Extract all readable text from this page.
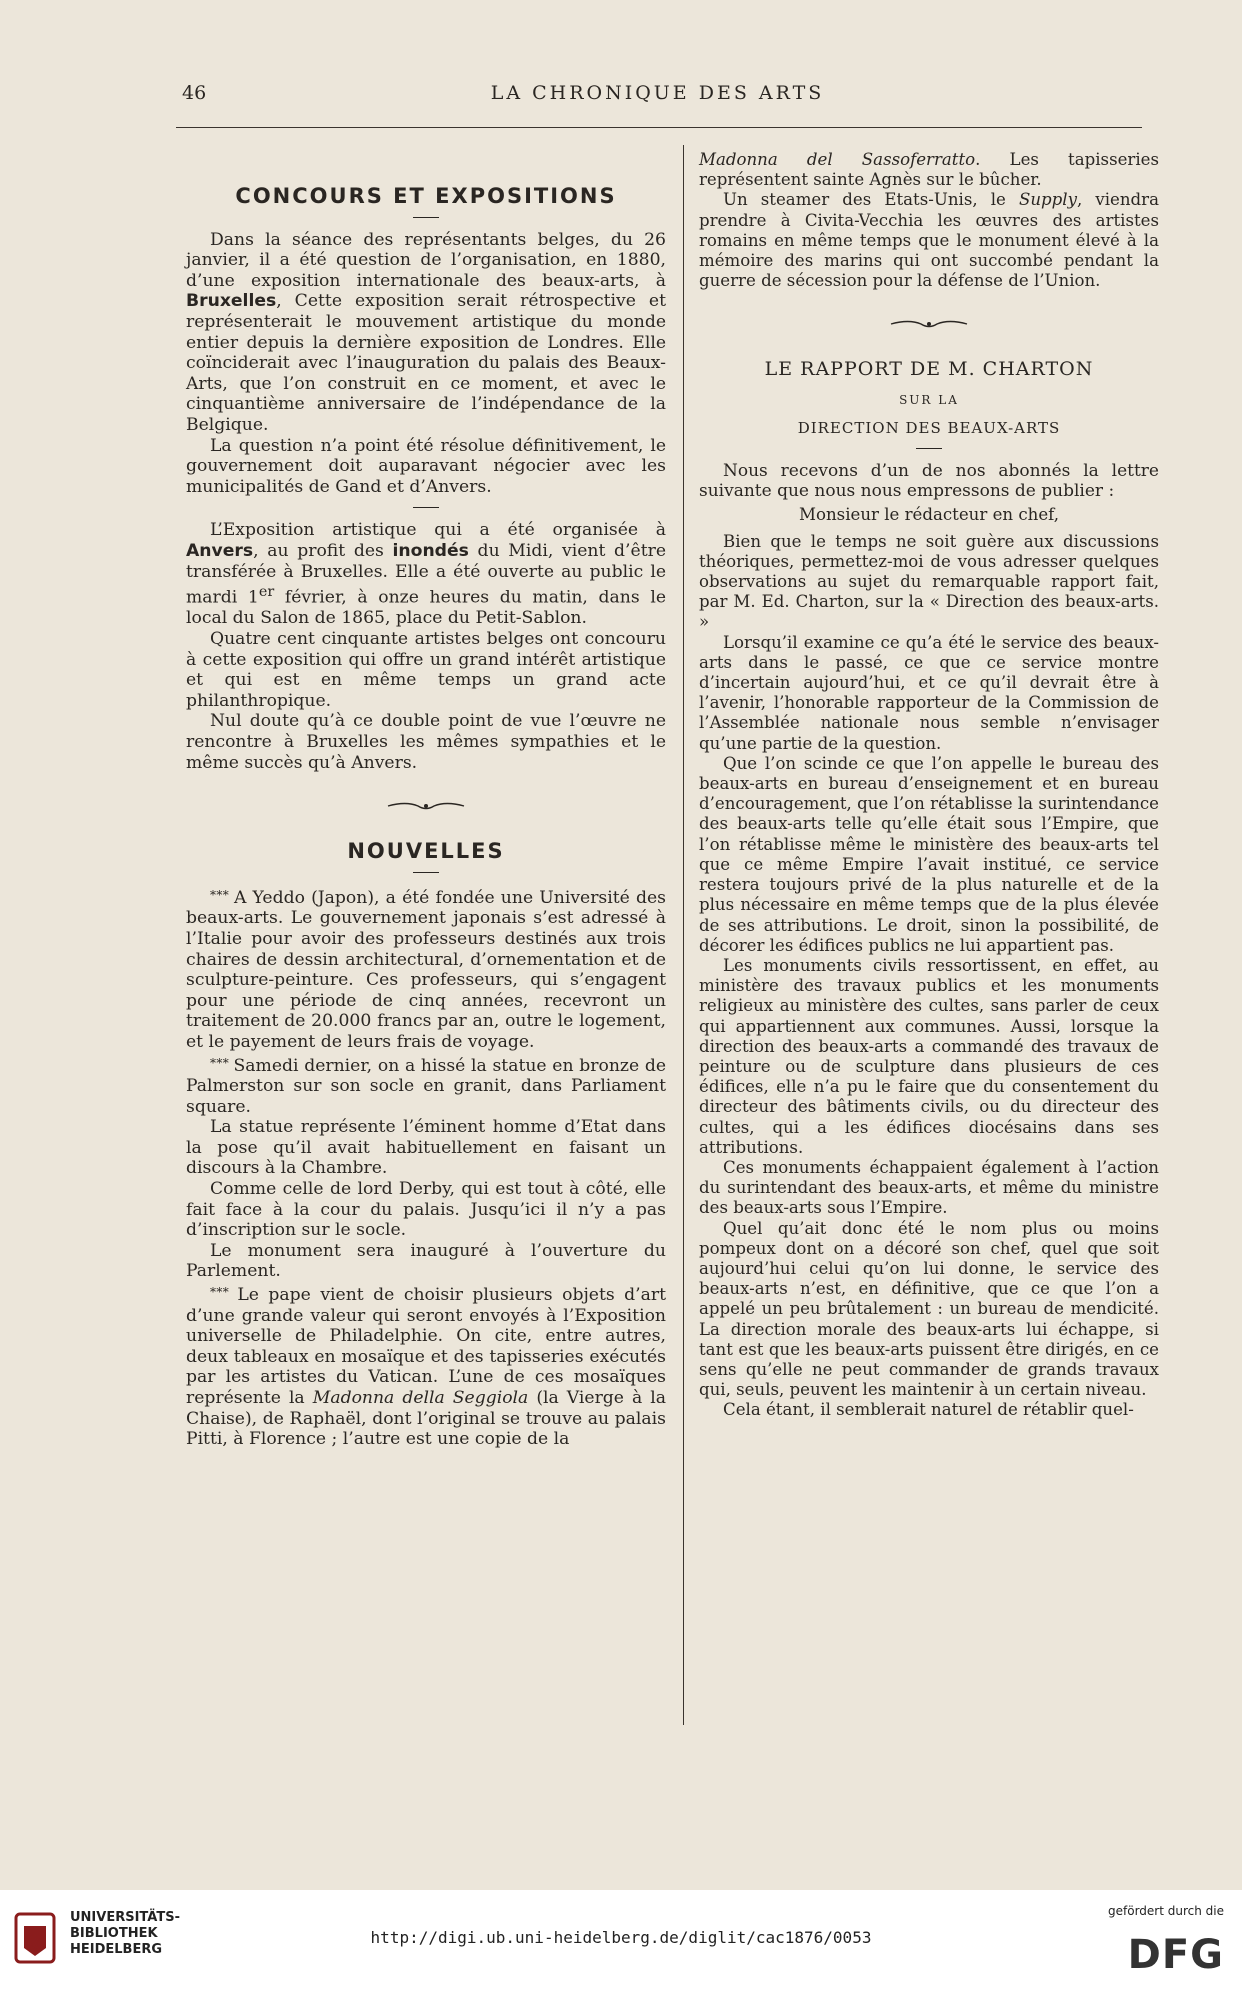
46	LA CHRONIQUE DES ARTS
CONCOURS ET EXPOSITIONS

Dans la séance des représentants belges, du 26 janvier, il a été question de l’organisation, en 1880, d’une exposition internationale des beaux-arts, à Bruxelles, Cette exposition serait rétrospective et représenterait le mouvement artistique du monde entier depuis la dernière exposition de Londres. Elle coïnciderait avec l’inauguration du palais des Beaux-Arts, que l’on construit en ce moment, et avec le cinquantième anniversaire de l’indépendance de la Belgique.

La question n’a point été résolue définitivement, le gouvernement doit auparavant négocier avec les municipalités de Gand et d’Anvers.

L’Exposition artistique qui a été organisée à Anvers, au profit des inondés du Midi, vient d’être transférée à Bruxelles. Elle a été ouverte au public le mardi 1er février, à onze heures du matin, dans le local du Salon de 1865, place du Petit-Sablon.

Quatre cent cinquante artistes belges ont concouru à cette exposition qui offre un grand intérêt artistique et qui est en même temps un grand acte philanthropique.

Nul doute qu’à ce double point de vue l’œuvre ne rencontre à Bruxelles les mêmes sympathies et le même succès qu’à Anvers.

NOUVELLES

* * * A Yeddo (Japon), a été fondée une Université des beaux-arts. Le gouvernement japonais s’est adressé à l’Italie pour avoir des professeurs destinés aux trois chaires de dessin architectural, d’ornementation et de sculpture-peinture. Ces professeurs, qui s’engagent pour une période de cinq années, recevront un traitement de 20.000 francs par an, outre le logement, et le payement de leurs frais de voyage.

* * * Samedi dernier, on a hissé la statue en bronze de Palmerston sur son socle en granit, dans Parliament square.

La statue représente l’éminent homme d’Etat dans la pose qu’il avait habituellement en faisant un discours à la Chambre.

Comme celle de lord Derby, qui est tout à côté, elle fait face à la cour du palais. Jusqu’ici il n’y a pas d’inscription sur le socle.

Le monument sera inauguré à l’ouverture du Parlement.

* * * Le pape vient de choisir plusieurs objets d’art d’une grande valeur qui seront envoyés à l’Exposition universelle de Philadelphie. On cite, entre autres, deux tableaux en mosaïque et des tapisseries exécutés par les artistes du Vatican. L’une de ces mosaïques représente la Madonna della Seggiola (la Vierge à la Chaise), de Raphaël, dont l’original se trouve au palais Pitti, à Florence ; l’autre est une copie de la

Madonna del Sassoferratto. Les tapisseries représentent sainte Agnès sur le bûcher.

Un steamer des Etats-Unis, le Supply, viendra prendre à Civita-Vecchia les œuvres des artistes romains en même temps que le monument élevé à la mémoire des marins qui ont succombé pendant la guerre de sécession pour la défense de l’Union.

LE RAPPORT DE M. CHARTON
SUR LA
DIRECTION DES BEAUX-ARTS

Nous recevons d’un de nos abonnés la lettre suivante que nous nous empressons de publier :

Monsieur le rédacteur en chef,

Bien que le temps ne soit guère aux discussions théoriques, permettez-moi de vous adresser quelques observations au sujet du remarquable rapport fait, par M. Ed. Charton, sur la « Direction des beaux-arts. »

Lorsqu’il examine ce qu’a été le service des beaux-arts dans le passé, ce que ce service montre d’incertain aujourd’hui, et ce qu’il devrait être à l’avenir, l’honorable rapporteur de la Commission de l’Assemblée nationale nous semble n’envisager qu’une partie de la question.

Que l’on scinde ce que l’on appelle le bureau des beaux-arts en bureau d’enseignement et en bureau d’encouragement, que l’on rétablisse la surintendance des beaux-arts telle qu’elle était sous l’Empire, que l’on rétablisse même le ministère des beaux-arts tel que ce même Empire l’avait institué, ce service restera toujours privé de la plus naturelle et de la plus nécessaire en même temps que de la plus élevée de ses attributions. Le droit, sinon la possibilité, de décorer les édifices publics ne lui appartient pas.

Les monuments civils ressortissent, en effet, au ministère des travaux publics et les monuments religieux au ministère des cultes, sans parler de ceux qui appartiennent aux communes. Aussi, lorsque la direction des beaux-arts a commandé des travaux de peinture ou de sculpture dans plusieurs de ces édifices, elle n’a pu le faire que du consentement du directeur des bâtiments civils, ou du directeur des cultes, qui a les édifices diocésains dans ses attributions.

Ces monuments échappaient également à l’action du surintendant des beaux-arts, et même du ministre des beaux-arts sous l’Empire.

Quel qu’ait donc été le nom plus ou moins pompeux dont on a décoré son chef, quel que soit aujourd’hui celui qu’on lui donne, le service des beaux-arts n’est, en définitive, que ce que l’on a appelé un peu brûtalement : un bureau de mendicité. La direction morale des beaux-arts lui échappe, si tant est que les beaux-arts puissent être dirigés, en ce sens qu’elle ne peut commander de grands travaux qui, seuls, peuvent les maintenir à un certain niveau.

Cela étant, il semblerait naturel de rétablir quel-

UNIVERSITÄTS-
BIBLIOTHEK
HEIDELBERG
http://digi.ub.uni-heidelberg.de/diglit/cac1876/0053
gefördert durch die
DFG
